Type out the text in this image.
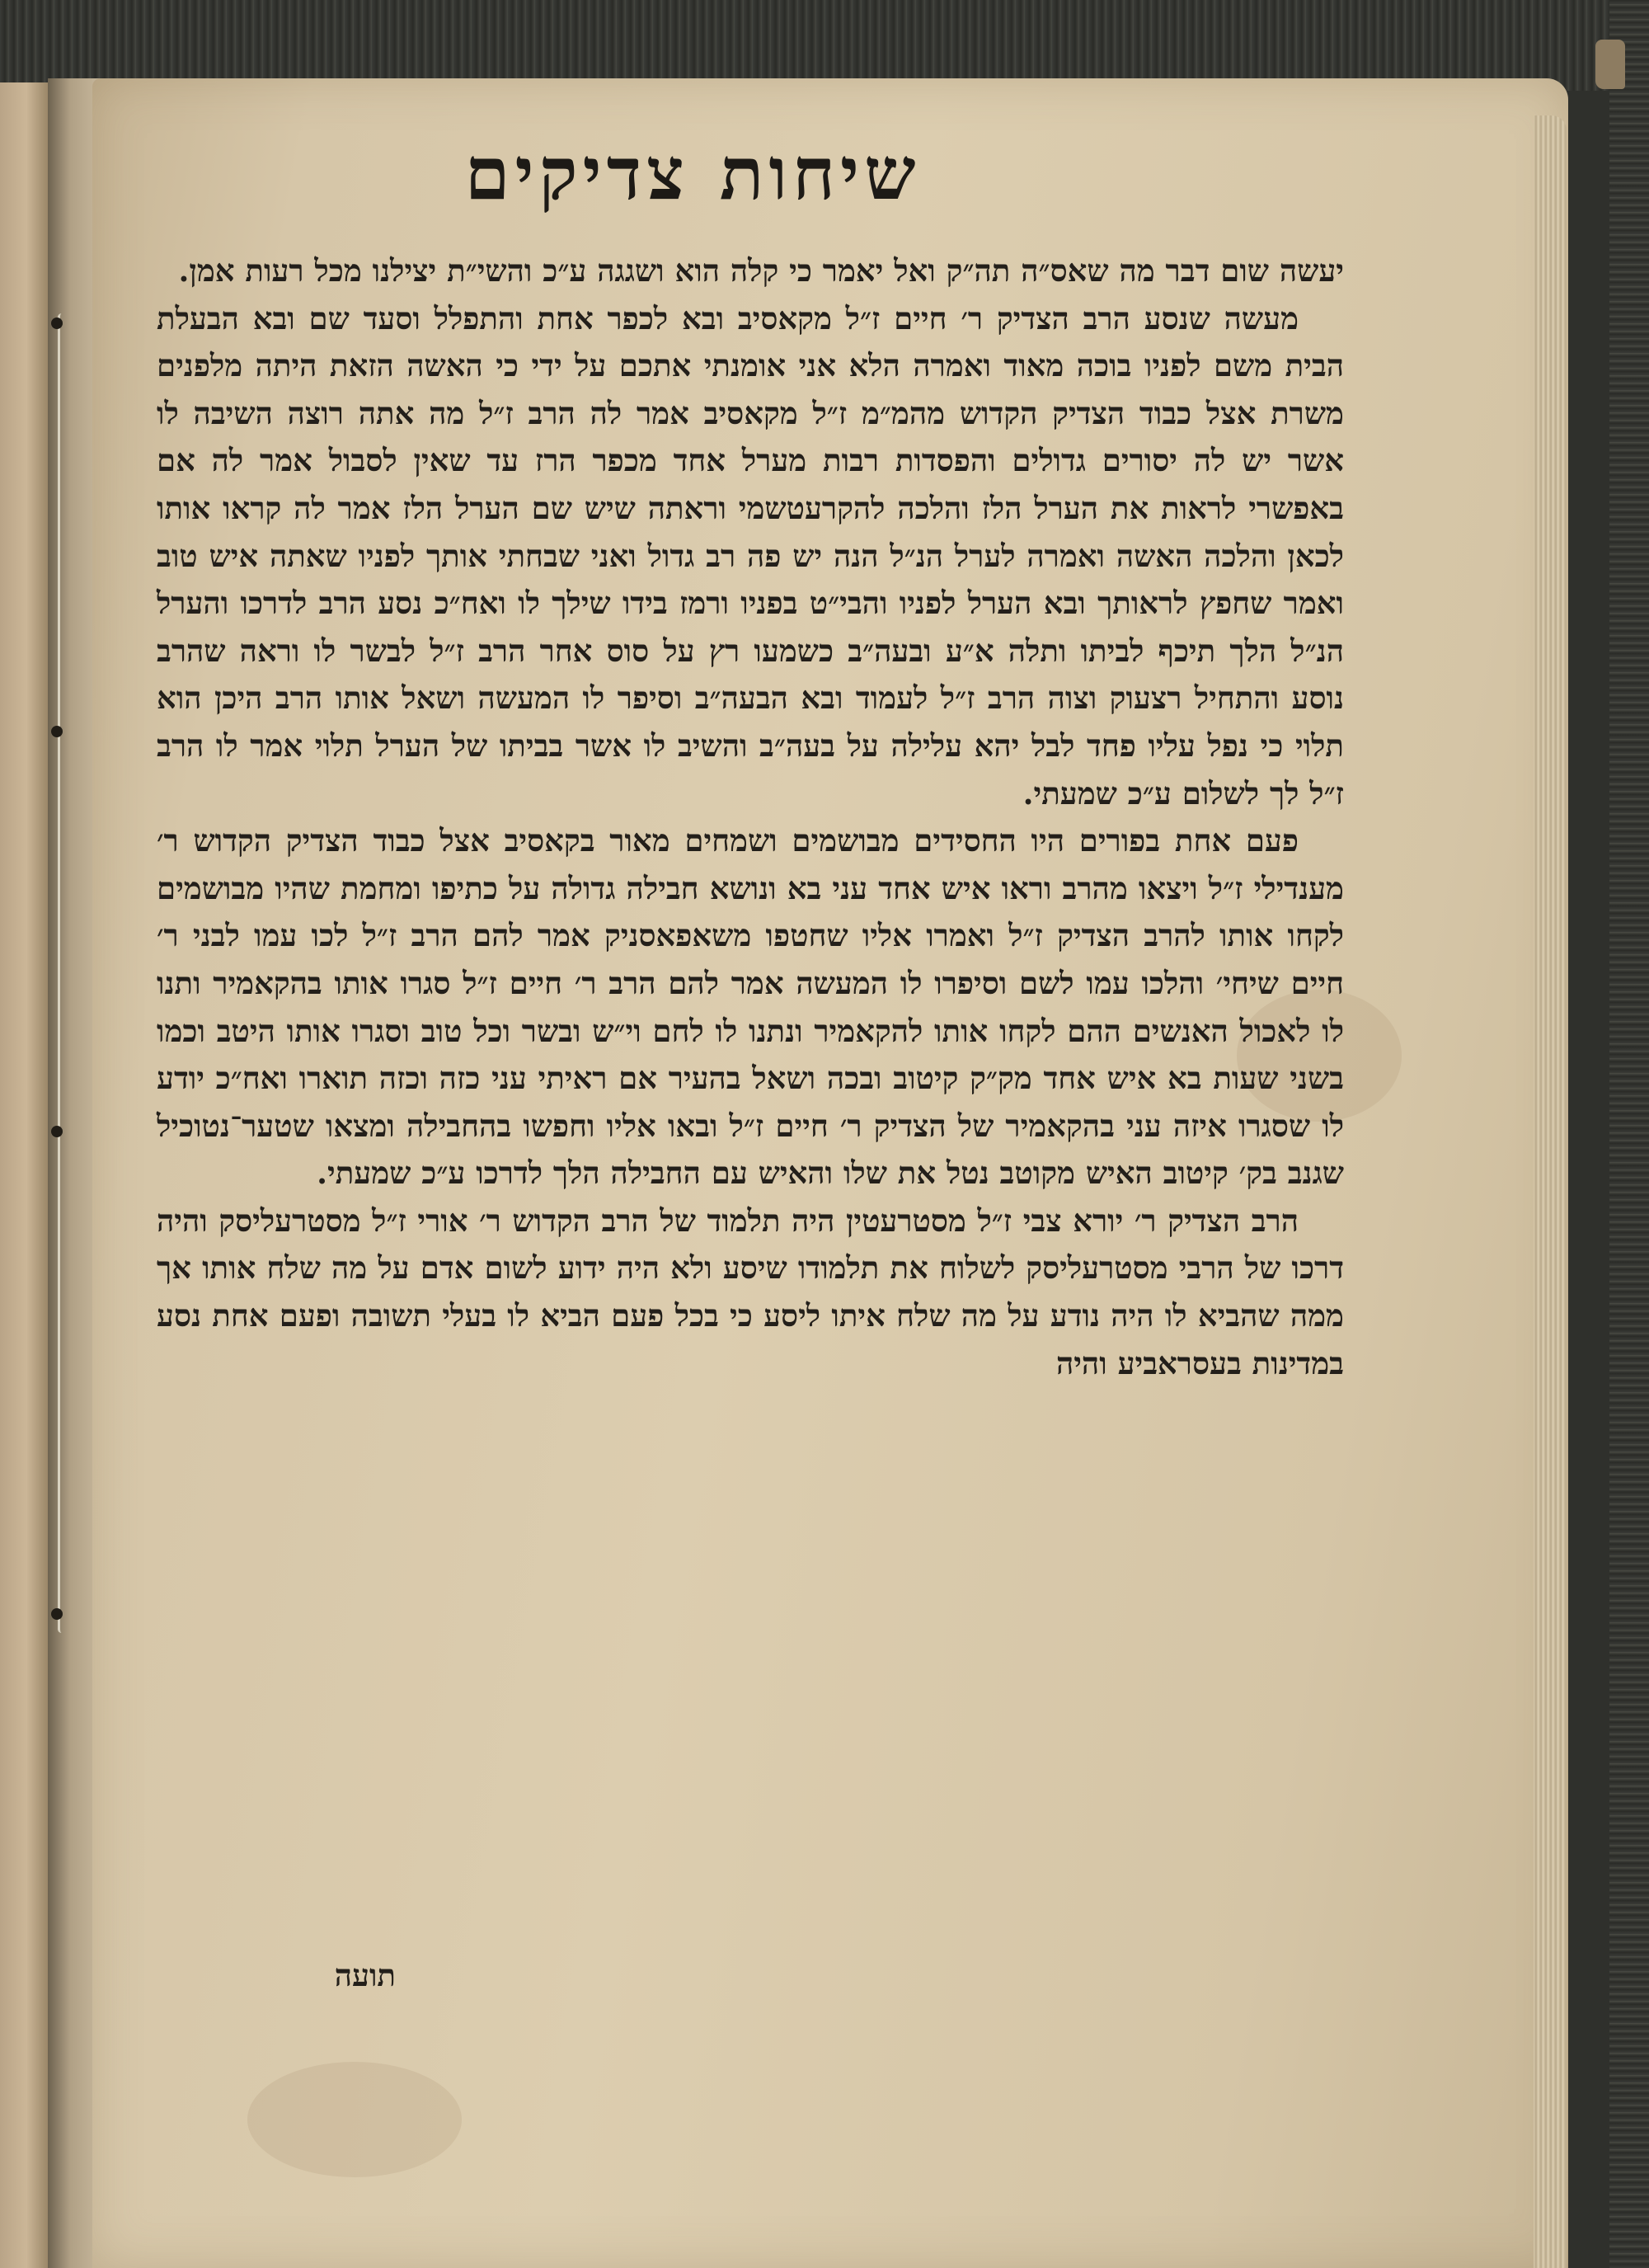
שיחות צדיקים

יעשה שום דבר מה שאס״ה תה״ק ואל יאמר כי קלה הוא ושגגה ע״כ והשי״ת יצילנו מכל רעות אמן.

מעשה שנסע הרב הצדיק ר׳ חיים ז״ל מקאסיב ובא לכפר אחת והתפלל וסעד שם ובא הבעלת הבית משם לפניו בוכה מאוד ואמרה הלא אני אומנתי אתכם על ידי כי האשה הזאת היתה מלפנים משרת אצל כבוד הצדיק הקדוש מהמ״מ ז״ל מקאסיב אמר לה הרב ז״ל מה אתה רוצה השיבה לו אשר יש לה יסורים גדולים והפסדות רבות מערל אחד מכפר הרז עד שאין לסבול אמר לה אם באפשרי לראות את הערל הלז והלכה להקרעטשמי וראתה שיש שם הערל הלז אמר לה קראו אותו לכאן והלכה האשה ואמרה לערל הנ״ל הנה יש פה רב גדול ואני שבחתי אותך לפניו שאתה איש טוב ואמר שחפץ לראותך ובא הערל לפניו והבי״ט בפניו ורמז בידו שילך לו ואח״כ נסע הרב לדרכו והערל הנ״ל הלך תיכף לביתו ותלה א״ע ובעה״ב כשמעו רץ על סוס אחר הרב ז״ל לבשר לו וראה שהרב נוסע והתחיל רצעוק וצוה הרב ז״ל לעמוד ובא הבעה״ב וסיפר לו המעשה ושאל אותו הרב היכן הוא תלוי כי נפל עליו פחד לבל יהא עלילה על בעה״ב והשיב לו אשר בביתו של הערל תלוי אמר לו הרב ז״ל לך לשלום ע״כ שמעתי.

פעם אחת בפורים היו החסידים מבושמים ושמחים מאור בקאסיב אצל כבוד הצדיק הקדוש ר׳ מענדילי ז״ל ויצאו מהרב וראו איש אחד עני בא ונושא חבילה גדולה על כתיפו ומחמת שהיו מבושמים לקחו אותו להרב הצדיק ז״ל ואמרו אליו שחטפו משאפאסניק אמר להם הרב ז״ל לכו עמו לבני ר׳ חיים שיחי׳ והלכו עמו לשם וסיפרו לו המעשה אמר להם הרב ר׳ חיים ז״ל סגרו אותו בהקאמיר ותנו לו לאכול האנשים ההם לקחו אותו להקאמיר ונתנו לו לחם וי״ש ובשר וכל טוב וסגרו אותו היטב וכמו בשני שעות בא איש אחד מק״ק קיטוב ובכה ושאל בהעיר אם ראיתי עני כזה וכזה תוארו ואח״כ יודע לו שסגרו איזה עני בהקאמיר של הצדיק ר׳ חיים ז״ל ובאו אליו וחפשו בהחבילה ומצאו שטער־נטוכיל שגנב בק׳ קיטוב האיש מקוטב נטל את שלו והאיש עם החבילה הלך לדרכו ע״כ שמעתי.

הרב הצדיק ר׳ יורא צבי ז״ל מסטרעטין היה תלמוד של הרב הקדוש ר׳ אורי ז״ל מסטרעליסק והיה דרכו של הרבי מסטרעליסק לשלוח את תלמודו שיסע ולא היה ידוע לשום אדם על מה שלח אותו אך ממה שהביא לו היה נודע על מה שלח איתו ליסע כי בכל פעם הביא לו בעלי תשובה ופעם אחת נסע במדינות בעסראביע והיה

תועה
